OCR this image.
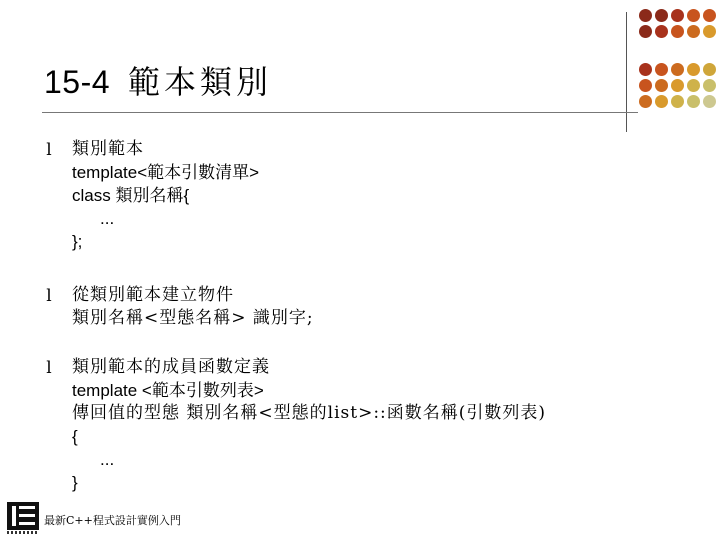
15-4 範本類別
l 類別範本
template<範本引數清單>
class 類別名稱{
...
};
l 從類別範本建立物件
類別名稱<型態名稱> 識別字;
l 類別範本的成員函數定義
template <範本引數列表>
傳回值的型態 類別名稱<型態的list>::函數名稱(引數列表)
{
...
}
最新C++程式設計實例入門
